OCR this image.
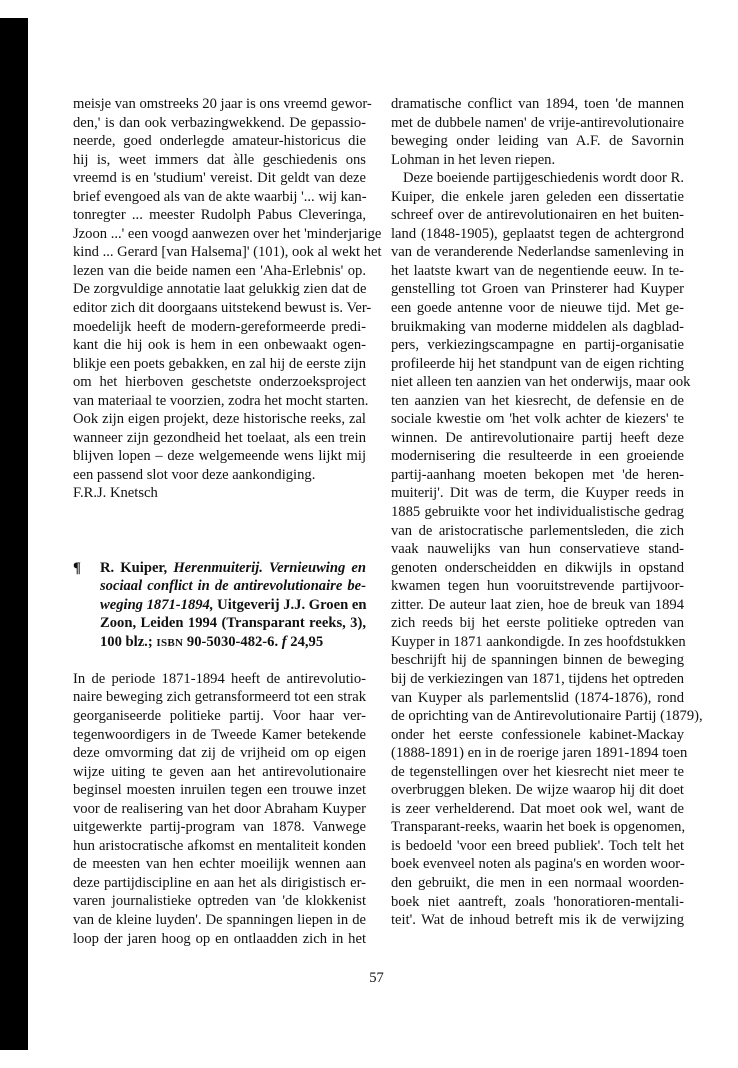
meisje van omstreeks 20 jaar is ons vreemd gewor-
den,' is dan ook verbazingwekkend. De gepassio-
neerde, goed onderlegde amateur-historicus die
hij is, weet immers dat àlle geschiedenis ons
vreemd is en 'studium' vereist. Dit geldt van deze
brief evengoed als van de akte waarbij '... wij kan-
tonregter ... meester Rudolph Pabus Cleveringa,
Jzoon ...' een voogd aanwezen over het 'minderjarige
kind ... Gerard [van Halsema]' (101), ook al wekt het
lezen van die beide namen een 'Aha-Erlebnis' op.
De zorgvuldige annotatie laat gelukkig zien dat de
editor zich dit doorgaans uitstekend bewust is. Ver-
moedelijk heeft de modern-gereformeerde predi-
kant die hij ook is hem in een onbewaakt ogen-
blikje een poets gebakken, en zal hij de eerste zijn
om het hierboven geschetste onderzoeksproject
van materiaal te voorzien, zodra het mocht starten.
Ook zijn eigen projekt, deze historische reeks, zal
wanneer zijn gezondheid het toelaat, als een trein
blijven lopen – deze welgemeende wens lijkt mij
een passend slot voor deze aankondiging.
F.R.J. Knetsch
¶ R. Kuiper, Herenmuiterij. Vernieuwing en
sociaal conflict in de antirevolutionaire be-
weging 1871-1894, Uitgeverij J.J. Groen en
Zoon, Leiden 1994 (Transparant reeks, 3),
100 blz.; ISBN 90-5030-482-6. f 24,95
In de periode 1871-1894 heeft de antirevolutio-
naire beweging zich getransformeerd tot een strak
georganiseerde politieke partij. Voor haar ver-
tegenwoordigers in de Tweede Kamer betekende
deze omvorming dat zij de vrijheid om op eigen
wijze uiting te geven aan het antirevolutionaire
beginsel moesten inruilen tegen een trouwe inzet
voor de realisering van het door Abraham Kuyper
uitgewerkte partij-program van 1878. Vanwege
hun aristocratische afkomst en mentaliteit konden
de meesten van hen echter moeilijk wennen aan
deze partijdiscipline en aan het als dirigistisch er-
varen journalistieke optreden van 'de klokkenist
van de kleine luyden'. De spanningen liepen in de
loop der jaren hoog op en ontlaadden zich in het
dramatische conflict van 1894, toen 'de mannen
met de dubbele namen' de vrije-antirevolutionaire
beweging onder leiding van A.F. de Savornin
Lohman in het leven riepen.
Deze boeiende partijgeschiedenis wordt door R.
Kuiper, die enkele jaren geleden een dissertatie
schreef over de antirevolutionairen en het buiten-
land (1848-1905), geplaatst tegen de achtergrond
van de veranderende Nederlandse samenleving in
het laatste kwart van de negentiende eeuw. In te-
genstelling tot Groen van Prinsterer had Kuyper
een goede antenne voor de nieuwe tijd. Met ge-
bruikmaking van moderne middelen als dagblad-
pers, verkiezingscampagne en partij-organisatie
profileerde hij het standpunt van de eigen richting
niet alleen ten aanzien van het onderwijs, maar ook
ten aanzien van het kiesrecht, de defensie en de
sociale kwestie om 'het volk achter de kiezers' te
winnen. De antirevolutionaire partij heeft deze
modernisering die resulteerde in een groeiende
partij-aanhang moeten bekopen met 'de heren-
muiterij'. Dit was de term, die Kuyper reeds in
1885 gebruikte voor het individualistische gedrag
van de aristocratische parlementsleden, die zich
vaak nauwelijks van hun conservatieve stand-
genoten onderscheidden en dikwijls in opstand
kwamen tegen hun vooruitstrevende partijvoor-
zitter. De auteur laat zien, hoe de breuk van 1894
zich reeds bij het eerste politieke optreden van
Kuyper in 1871 aankondigde. In zes hoofdstukken
beschrijft hij de spanningen binnen de beweging
bij de verkiezingen van 1871, tijdens het optreden
van Kuyper als parlementslid (1874-1876), rond
de oprichting van de Antirevolutionaire Partij (1879),
onder het eerste confessionele kabinet-Mackay
(1888-1891) en in de roerige jaren 1891-1894 toen
de tegenstellingen over het kiesrecht niet meer te
overbruggen bleken. De wijze waarop hij dit doet
is zeer verhelderend. Dat moet ook wel, want de
Transparant-reeks, waarin het boek is opgenomen,
is bedoeld 'voor een breed publiek'. Toch telt het
boek evenveel noten als pagina's en worden woor-
den gebruikt, die men in een normaal woorden-
boek niet aantreft, zoals 'honoratioren-mentali-
teit'. Wat de inhoud betreft mis ik de verwijzing
57
